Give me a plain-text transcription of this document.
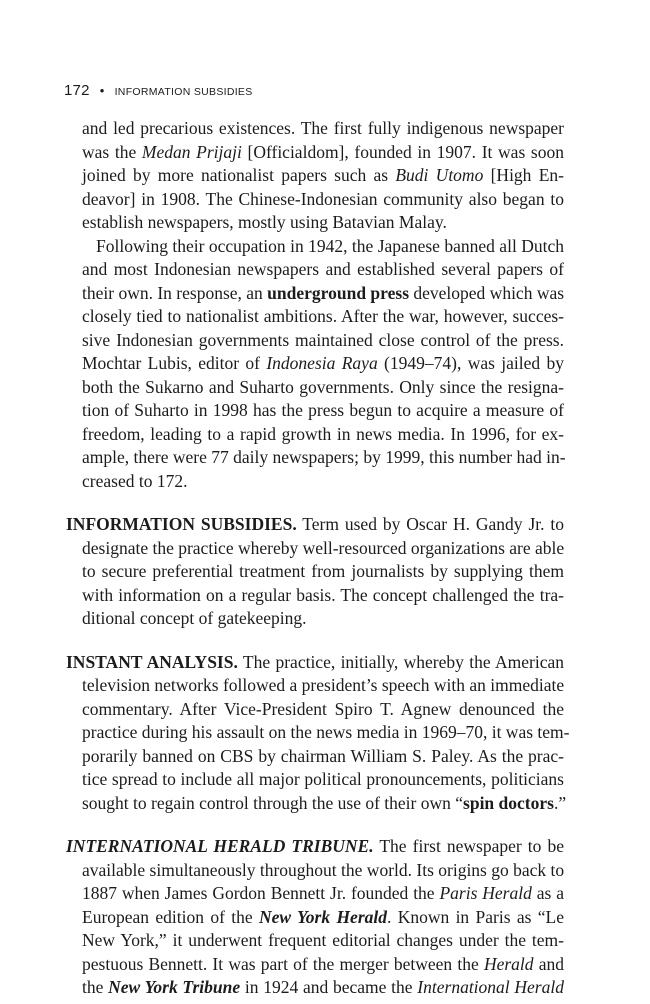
172 • INFORMATION SUBSIDIES
and led precarious existences. The first fully indigenous newspaper
was the Medan Prijaji [Officialdom], founded in 1907. It was soon
joined by more nationalist papers such as Budi Utomo [High En-
deavor] in 1908. The Chinese-Indonesian community also began to
establish newspapers, mostly using Batavian Malay.
Following their occupation in 1942, the Japanese banned all Dutch
and most Indonesian newspapers and established several papers of
their own. In response, an underground press developed which was
closely tied to nationalist ambitions. After the war, however, succes-
sive Indonesian governments maintained close control of the press.
Mochtar Lubis, editor of Indonesia Raya (1949–74), was jailed by
both the Sukarno and Suharto governments. Only since the resigna-
tion of Suharto in 1998 has the press begun to acquire a measure of
freedom, leading to a rapid growth in news media. In 1996, for ex-
ample, there were 77 daily newspapers; by 1999, this number had in-
creased to 172.
INFORMATION SUBSIDIES. Term used by Oscar H. Gandy Jr. to
designate the practice whereby well-resourced organizations are able
to secure preferential treatment from journalists by supplying them
with information on a regular basis. The concept challenged the tra-
ditional concept of gatekeeping.
INSTANT ANALYSIS. The practice, initially, whereby the American
television networks followed a president’s speech with an immediate
commentary. After Vice-President Spiro T. Agnew denounced the
practice during his assault on the news media in 1969–70, it was tem-
porarily banned on CBS by chairman William S. Paley. As the prac-
tice spread to include all major political pronouncements, politicians
sought to regain control through the use of their own “spin doctors.”
INTERNATIONAL HERALD TRIBUNE. The first newspaper to be
available simultaneously throughout the world. Its origins go back to
1887 when James Gordon Bennett Jr. founded the Paris Herald as a
European edition of the New York Herald. Known in Paris as “Le
New York,” it underwent frequent editorial changes under the tem-
pestuous Bennett. It was part of the merger between the Herald and
the New York Tribune in 1924 and became the International Herald
